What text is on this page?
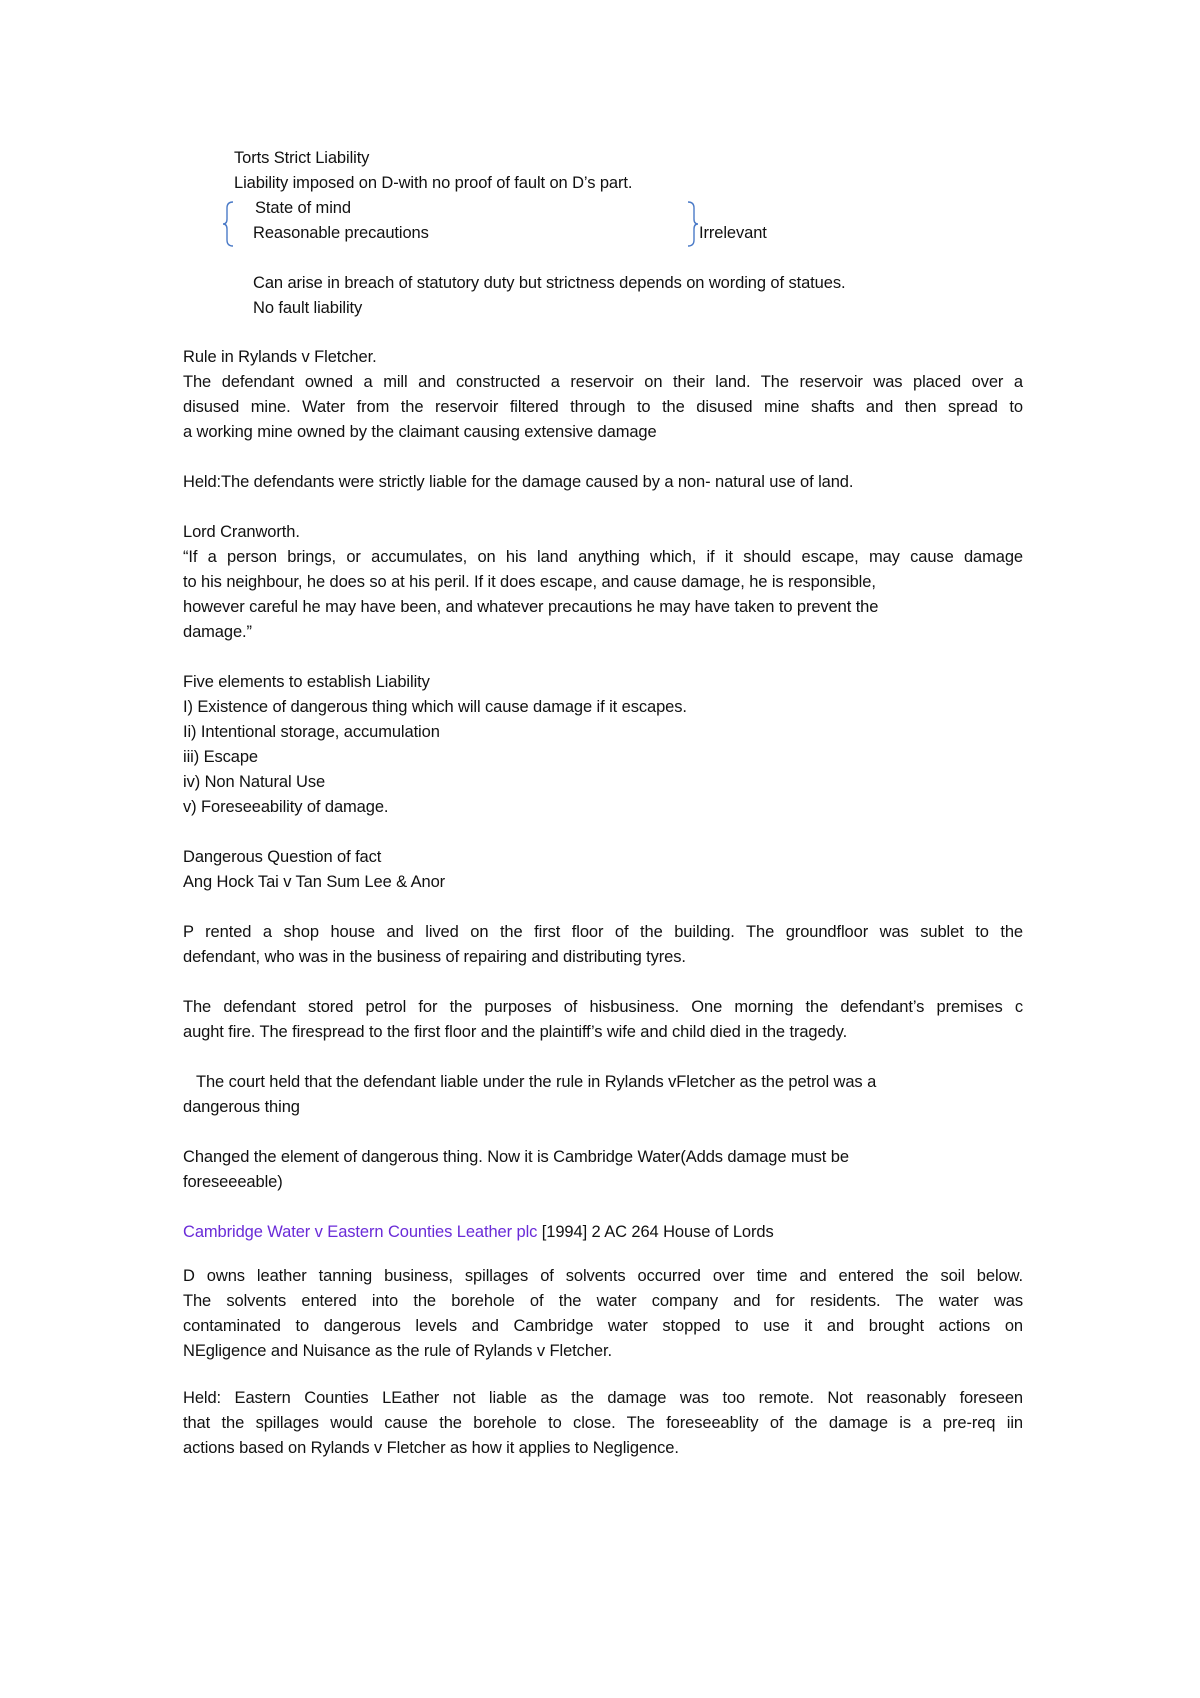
Torts Strict Liability
Liability imposed on D-with no proof of fault on D’s part.
State of mind
Reasonable precautions	Irrelevant
Can arise in breach of statutory duty but strictness depends on wording of statues.
No fault liability
Rule in Rylands v Fletcher.
The defendant owned a mill and constructed a reservoir on their land. The reservoir was placed over a
disused mine. Water from the reservoir filtered through to the disused mine shafts and then spread to
a working mine owned by the claimant causing extensive damage
Held:The defendants were strictly liable for the damage caused by a non- natural use of land.
Lord Cranworth.
“If a person brings, or accumulates, on his land anything which, if it should escape, may cause damage
to his neighbour, he does so at his peril. If it does escape, and cause damage, he is responsible,
however careful he may have been, and whatever precautions he may have taken to prevent the
damage.”
Five elements to establish Liability
I) Existence of dangerous thing which will cause damage if it escapes.
Ii) Intentional storage, accumulation
iii) Escape
iv) Non Natural Use
v) Foreseeability of damage.
Dangerous Question of fact
Ang Hock Tai v Tan Sum Lee & Anor
P rented a shop house and lived on the first floor of the building. The groundfloor was sublet to the
defendant, who was in the business of repairing and distributing tyres.
The defendant stored petrol for the purposes of hisbusiness. One morning the defendant’s premises c
aught fire. The firespread to the first floor and the plaintiff’s wife and child died in the tragedy.
The court held that the defendant liable under the rule in Rylands vFletcher as the petrol was a
dangerous thing
Changed the element of dangerous thing. Now it is Cambridge Water(Adds damage must be
foreseeeable)
Cambridge Water v Eastern Counties Leather plc [1994] 2 AC 264 House of Lords
D owns leather tanning business, spillages of solvents occurred over time and entered the soil below.
The solvents entered into the borehole of the water company and for residents. The water was
contaminated to dangerous levels and Cambridge water stopped to use it and brought actions on
NEgligence and Nuisance as the rule of Rylands v Fletcher.
Held: Eastern Counties LEather not liable as the damage was too remote. Not reasonably foreseen
that the spillages would cause the borehole to close. The foreseeablity of the damage is a pre-req iin
actions based on Rylands v Fletcher as how it applies to Negligence.
